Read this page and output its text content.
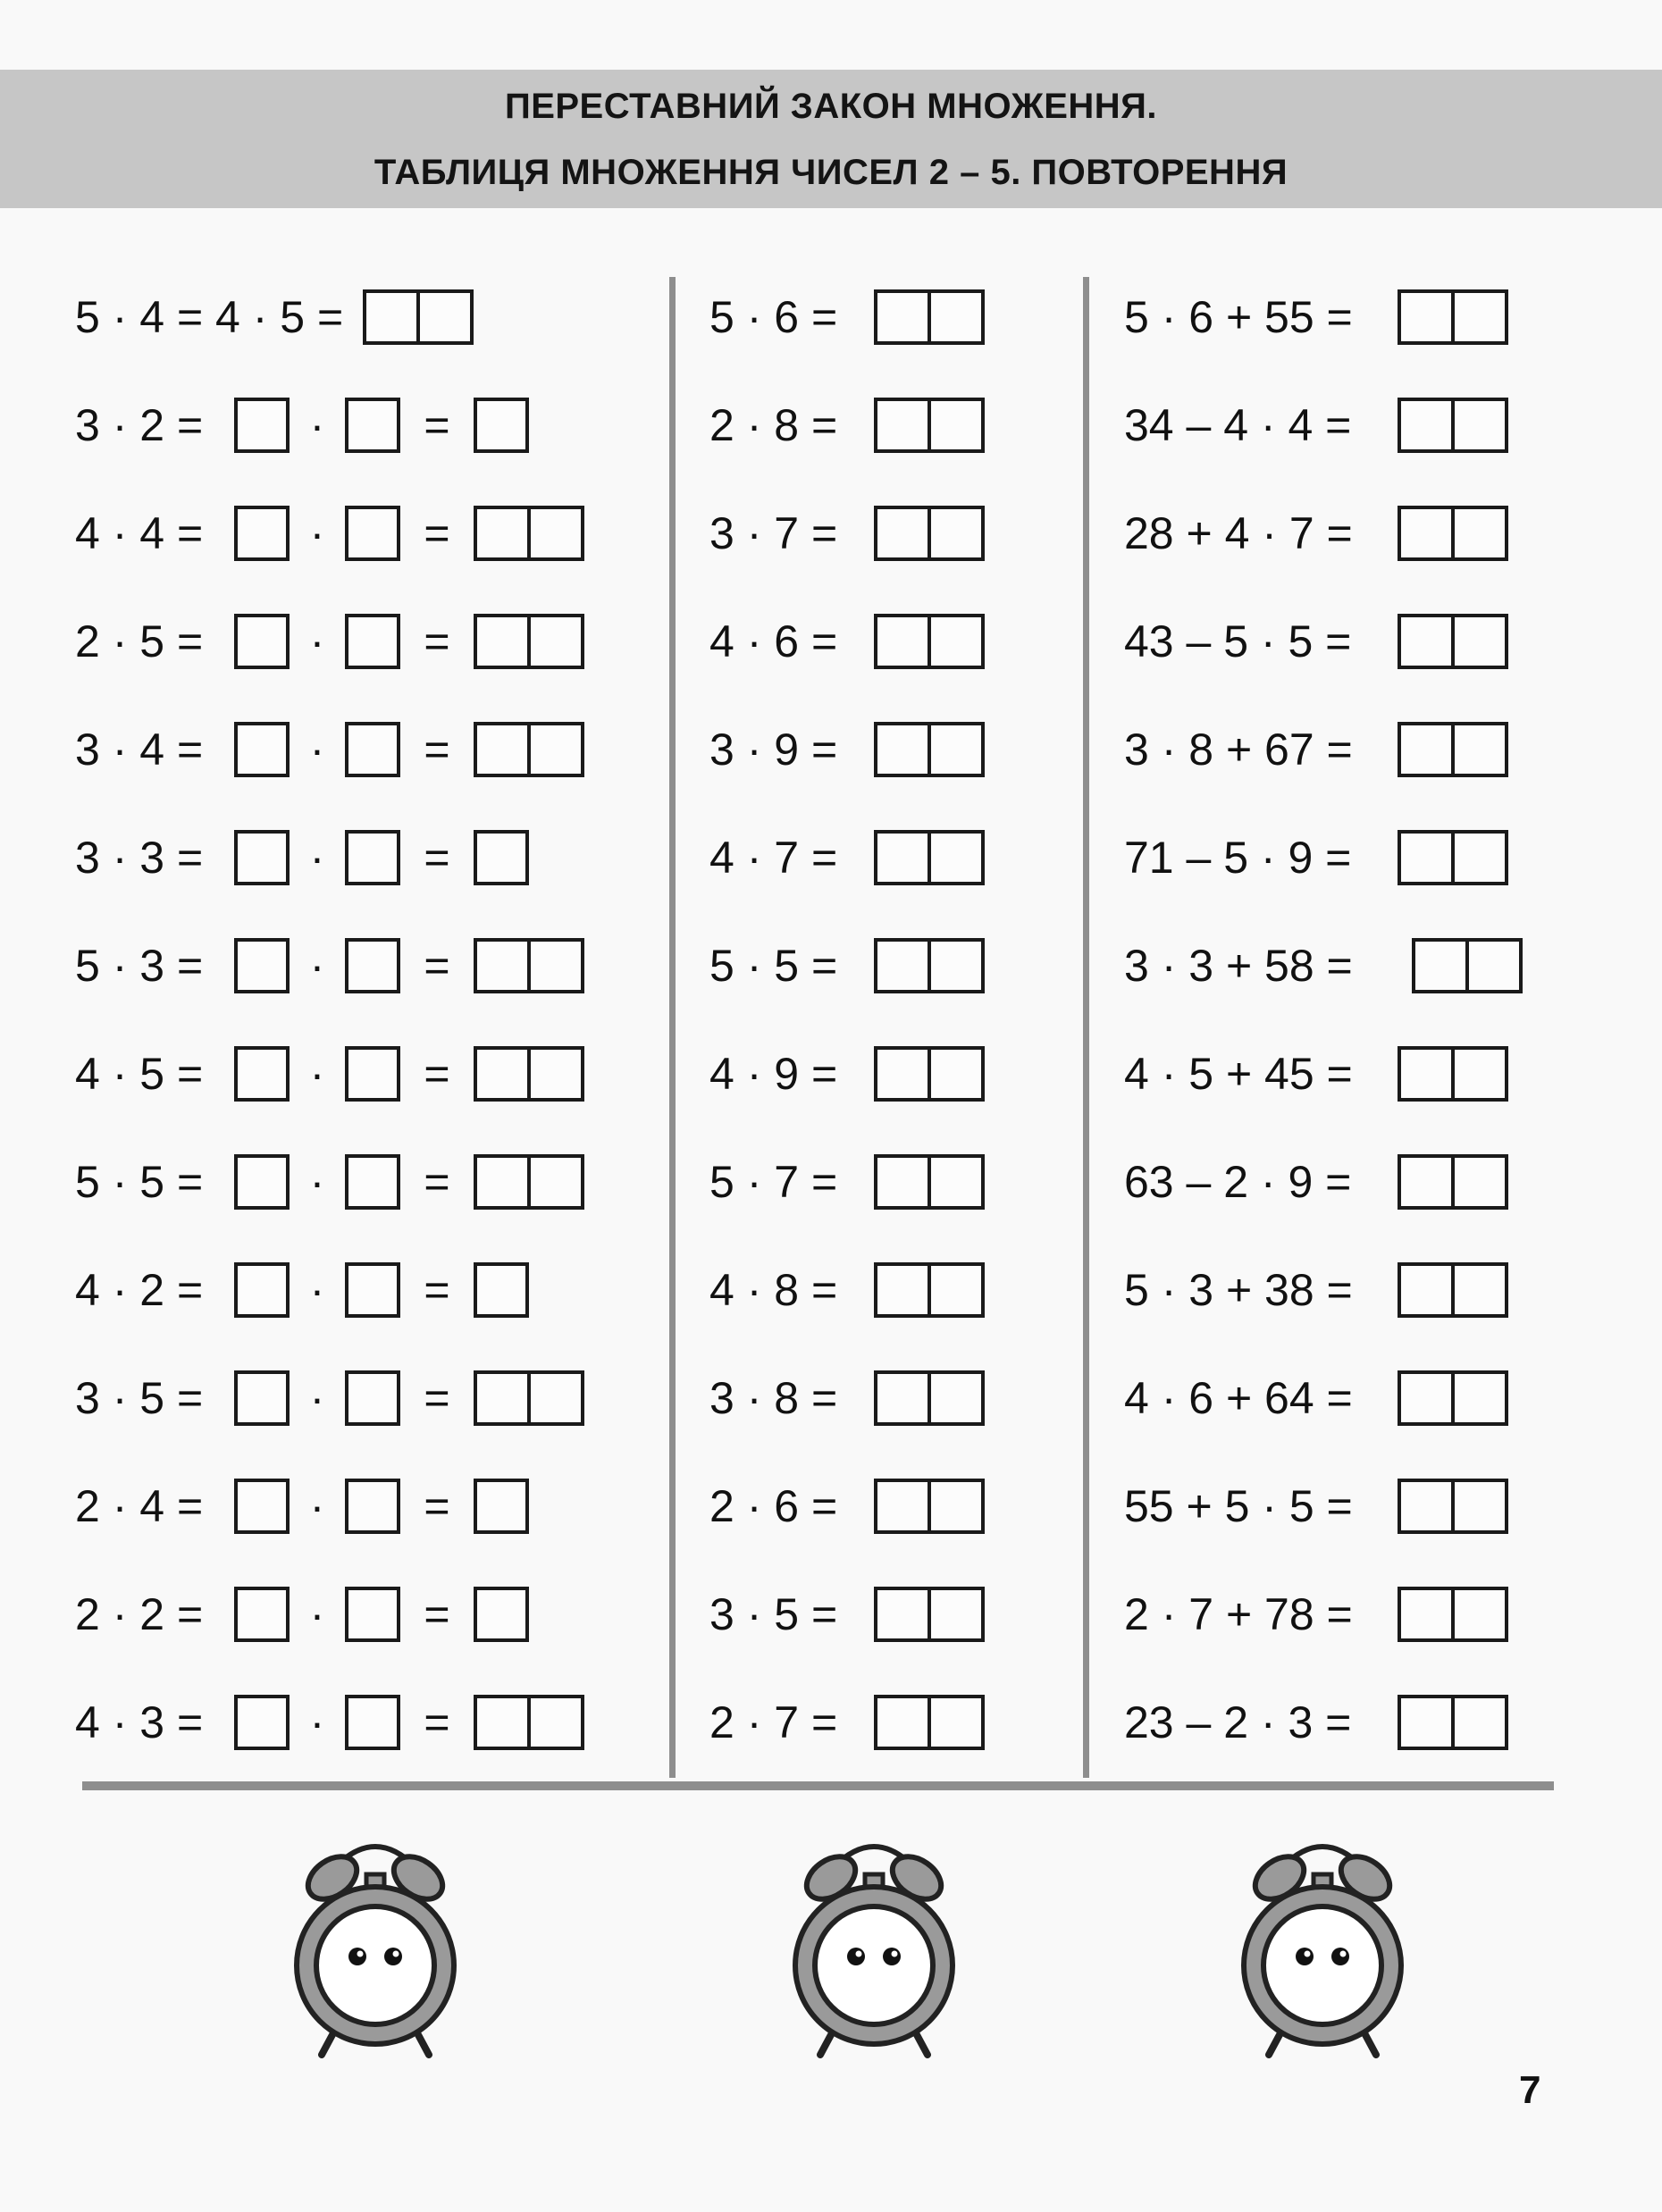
ПЕРЕСТАВНИЙ ЗАКОН МНОЖЕННЯ.
ТАБЛИЦЯ МНОЖЕННЯ ЧИСЕЛ 2 – 5. ПОВТОРЕННЯ
5 · 4 = 4 · 5 =
3 · 2 =	·	=
4 · 4 =	·	=
2 · 5 =	·	=
3 · 4 =	·	=
3 · 3 =	·	=
5 · 3 =	·	=
4 · 5 =	·	=
5 · 5 =	·	=
4 · 2 =	·	=
3 · 5 =	·	=
2 · 4 =	·	=
2 · 2 =	·	=
4 · 3 =	·	=
5 · 6 =
2 · 8 =
3 · 7 =
4 · 6 =
3 · 9 =
4 · 7 =
5 · 5 =
4 · 9 =
5 · 7 =
4 · 8 =
3 · 8 =
2 · 6 =
3 · 5 =
2 · 7 =
5 · 6 + 55 =
34 – 4 · 4 =
28 + 4 · 7 =
43 – 5 · 5 =
3 · 8 + 67 =
71 – 5 · 9 =
3 · 3 + 58 =
4 · 5 + 45 =
63 – 2 · 9 =
5 · 3 + 38 =
4 · 6 + 64 =
55 + 5 · 5 =
2 · 7 + 78 =
23 – 2 · 3 =
7
